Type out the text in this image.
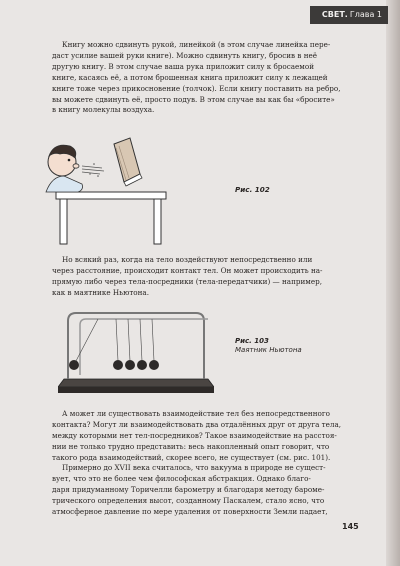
СВЕТ. Глава 1
Книгу можно сдвинуть рукой, линейкой (в этом случае линейка пере-
даст усилие вашей руки книге). Можно сдвинуть книгу, бросив в неё
другую книгу. В этом случае ваша рука приложит силу к бросаемой
книге, касаясь её, а потом брошенная книга приложит силу к лежащей
книге тоже через прикосновение (толчок). Если книгу поставить на ребро,
вы можете сдвинуть её, просто подув. В этом случае вы как бы «бросите»
в книгу молекулы воздуха.
Рис. 102
Но всякий раз, когда на тело воздействуют непосредственно или
через расстояние, происходит контакт тел. Он может происходить на-
прямую либо через тела-посредники (тела-передатчики) — например,
как в маятнике Ньютона.
Рис. 103
Маятник Ньютона
А может ли существовать взаимодействие тел без непосредственного
контакта? Могут ли взаимодействовать два отдалённых друг от друга тела,
между которыми нет тел-посредников? Такое взаимодействие на расстоя-
нии не только трудно представить: весь накопленный опыт говорит, что
такого рода взаимодействий, скорее всего, не существует (см. рис. 101).
Примерно до XVII века считалось, что вакуума в природе не сущест-
вует, что это не более чем философская абстракция. Однако благо-
даря придуманному Торичелли барометру и благодаря методу бароме-
трического определения высот, созданному Паскалем, стало ясно, что
атмосферное давление по мере удаления от поверхности Земли падает,
145
